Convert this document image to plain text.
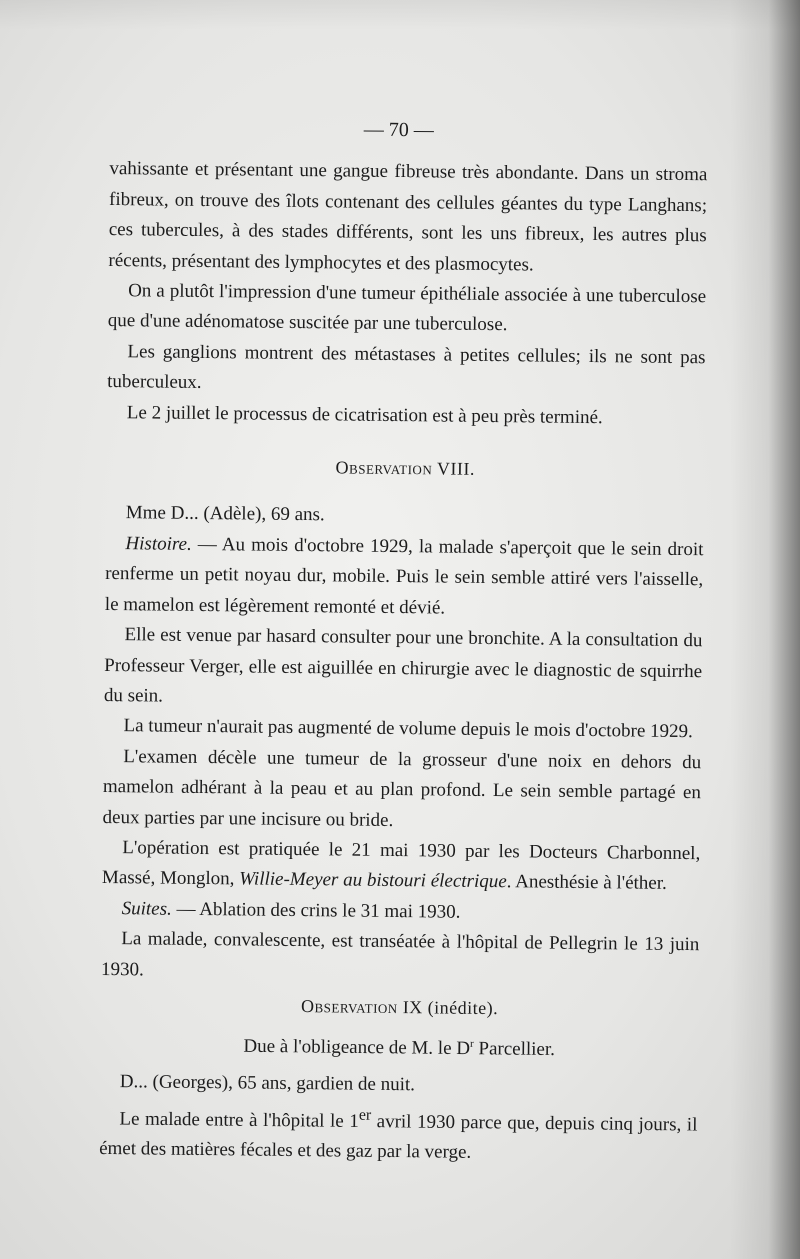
— 70 —

vahissante et présentant une gangue fibreuse très abondante. Dans un stroma fibreux, on trouve des îlots contenant des cellules géantes du type Langhans; ces tubercules, à des stades différents, sont les uns fibreux, les autres plus récents, présentant des lymphocytes et des plasmocytes.

On a plutôt l'impression d'une tumeur épithéliale associée à une tuberculose que d'une adénomatose suscitée par une tuberculose.

Les ganglions montrent des métastases à petites cellules; ils ne sont pas tuberculeux.

Le 2 juillet le processus de cicatrisation est à peu près terminé.

Observation VIII.

Mme D... (Adèle), 69 ans.

Histoire. — Au mois d'octobre 1929, la malade s'aperçoit que le sein droit renferme un petit noyau dur, mobile. Puis le sein semble attiré vers l'aisselle, le mamelon est légèrement remonté et dévié.

Elle est venue par hasard consulter pour une bronchite. A la consultation du Professeur Verger, elle est aiguillée en chirurgie avec le diagnostic de squirrhe du sein.

La tumeur n'aurait pas augmenté de volume depuis le mois d'octobre 1929.

L'examen décèle une tumeur de la grosseur d'une noix en dehors du mamelon adhérant à la peau et au plan profond. Le sein semble partagé en deux parties par une incisure ou bride.

L'opération est pratiquée le 21 mai 1930 par les Docteurs Charbonnel, Massé, Monglon, Willie-Meyer au bistouri électrique. Anesthésie à l'éther.

Suites. — Ablation des crins le 31 mai 1930.

La malade, convalescente, est transéatée à l'hôpital de Pellegrin le 13 juin 1930.

Observation IX (inédite).
Due à l'obligeance de M. le $D^r$ Parcellier.

D... (Georges), 65 ans, gardien de nuit.

Le malade entre à l'hôpital le 1er avril 1930 parce que, depuis cinq jours, il émet des matières fécales et des gaz par la verge.
